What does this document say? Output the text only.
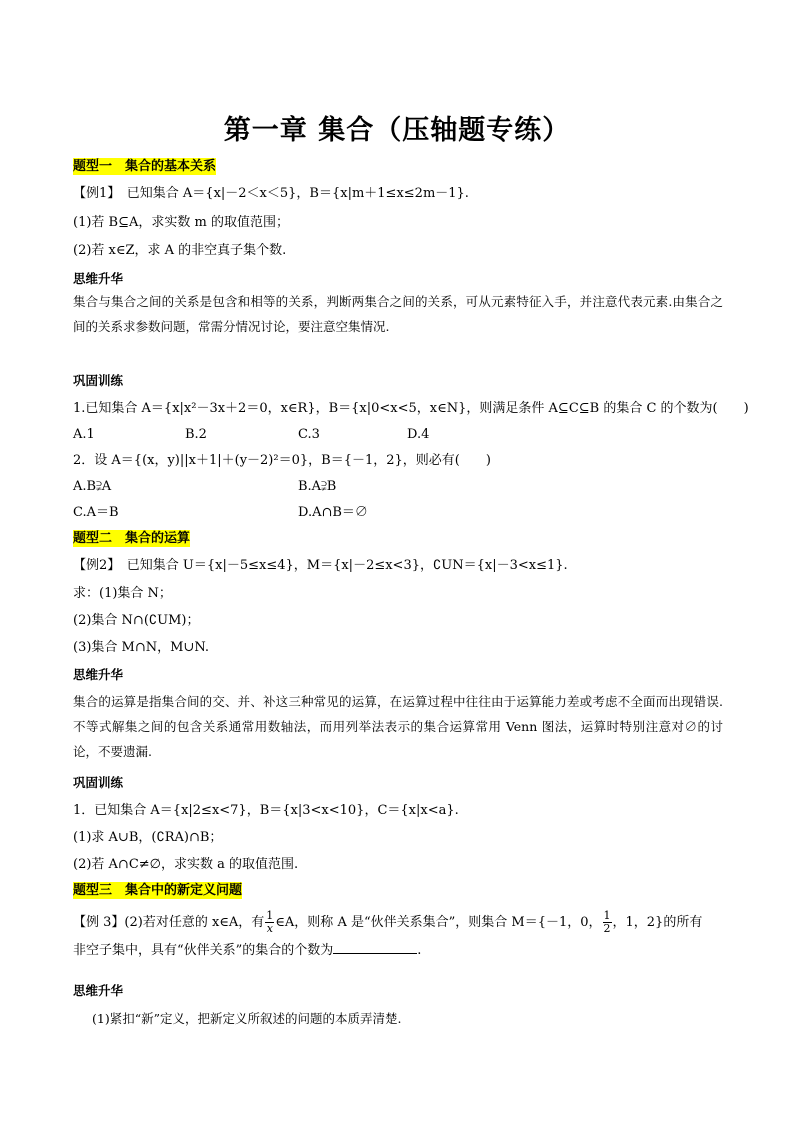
第一章 集合（压轴题专练）
题型一　集合的基本关系
【例1】　已知集合 A＝{x|－2＜x＜5}，B＝{x|m＋1≤x≤2m－1}.
(1)若 B⊆A，求实数 m 的取值范围；
(2)若 x∈Z，求 A 的非空真子集个数.
思维升华
集合与集合之间的关系是包含和相等的关系，判断两集合之间的关系，可从元素特征入手，并注意代表元素.由集合之间的关系求参数问题，常需分情况讨论，要注意空集情况.
巩固训练
1.已知集合 A＝{x|x²－3x＋2＝0，x∈R}，B＝{x|0<x<5，x∈N}，则满足条件 A⊆C⊆B 的集合 C 的个数为(　　)
A.1	B.2	C.3	D.4
2．设 A＝{(x，y)||x＋1|＋(y－2)²＝0}，B＝{－1，2}，则必有(　　)
A.B⫌A	B.A⫌B
C.A＝B	D.A∩B＝∅
题型二　集合的运算
【例2】　已知集合 U＝{x|－5≤x≤4}，M＝{x|－2≤x<3}，∁UN＝{x|－3<x≤1}.
求：(1)集合 N；
(2)集合 N∩(∁UM)；
(3)集合 M∩N，M∪N.
思维升华
集合的运算是指集合间的交、并、补这三种常见的运算，在运算过程中往往由于运算能力差或考虑不全面而出现错误.不等式解集之间的包含关系通常用数轴法，而用列举法表示的集合运算常用 Venn 图法，运算时特别注意对∅的讨论，不要遗漏.
巩固训练
1．已知集合 A＝{x|2≤x<7}，B＝{x|3<x<10}，C＝{x|x<a}.
(1)求 A∪B，(∁RA)∩B；
(2)若 A∩C≠∅，求实数 a 的取值范围.
题型三　集合中的新定义问题
【例 3】(2)若对任意的 x∈A，有 $\frac{1}{x}$ ∈A，则称 A 是“伙伴关系集合”，则集合 M＝{－1，0， $\frac{1}{2}$ ，1，2}的所有
非空子集中，具有“伙伴关系”的集合的个数为	.
思维升华
(1)紧扣“新”定义，把新定义所叙述的问题的本质弄清楚.
